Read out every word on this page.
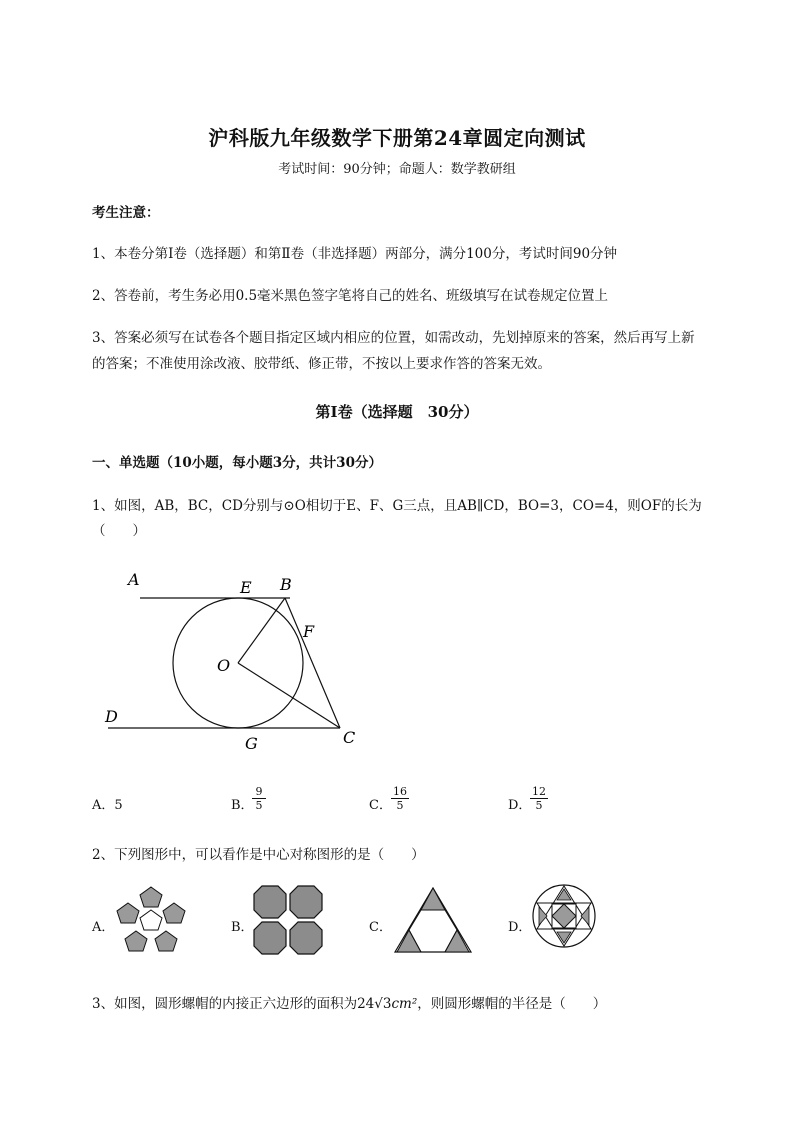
沪科版九年级数学下册第24章圆定向测试
考试时间：90分钟；命题人：数学教研组
考生注意：
1、本卷分第I卷（选择题）和第Ⅱ卷（非选择题）两部分，满分100分，考试时间90分钟
2、答卷前，考生务必用0.5毫米黑色签字笔将自己的姓名、班级填写在试卷规定位置上
3、答案必须写在试卷各个题目指定区域内相应的位置，如需改动，先划掉原来的答案，然后再写上新
的答案；不准使用涂改液、胶带纸、修正带，不按以上要求作答的答案无效。
第I卷（选择题　30分）
一、单选题（10小题，每小题3分，共计30分）
1、如图，AB，BC，CD分别与⊙O相切于E、F、G三点，且AB∥CD，BO=3，CO=4，则OF的长为
（　　）
A	E B
F
O
D
G	C
A．5	B．
$\frac{9}{5}$	C． $\frac{16}{5}$	D．
$\frac{12}{5}$
2、下列图形中，可以看作是中心对称图形的是（　　）
A．	B．	C．	D．
3、如图，圆形螺帽的内接正六边形的面积为24√3cm²，则圆形螺帽的半径是（　　）
